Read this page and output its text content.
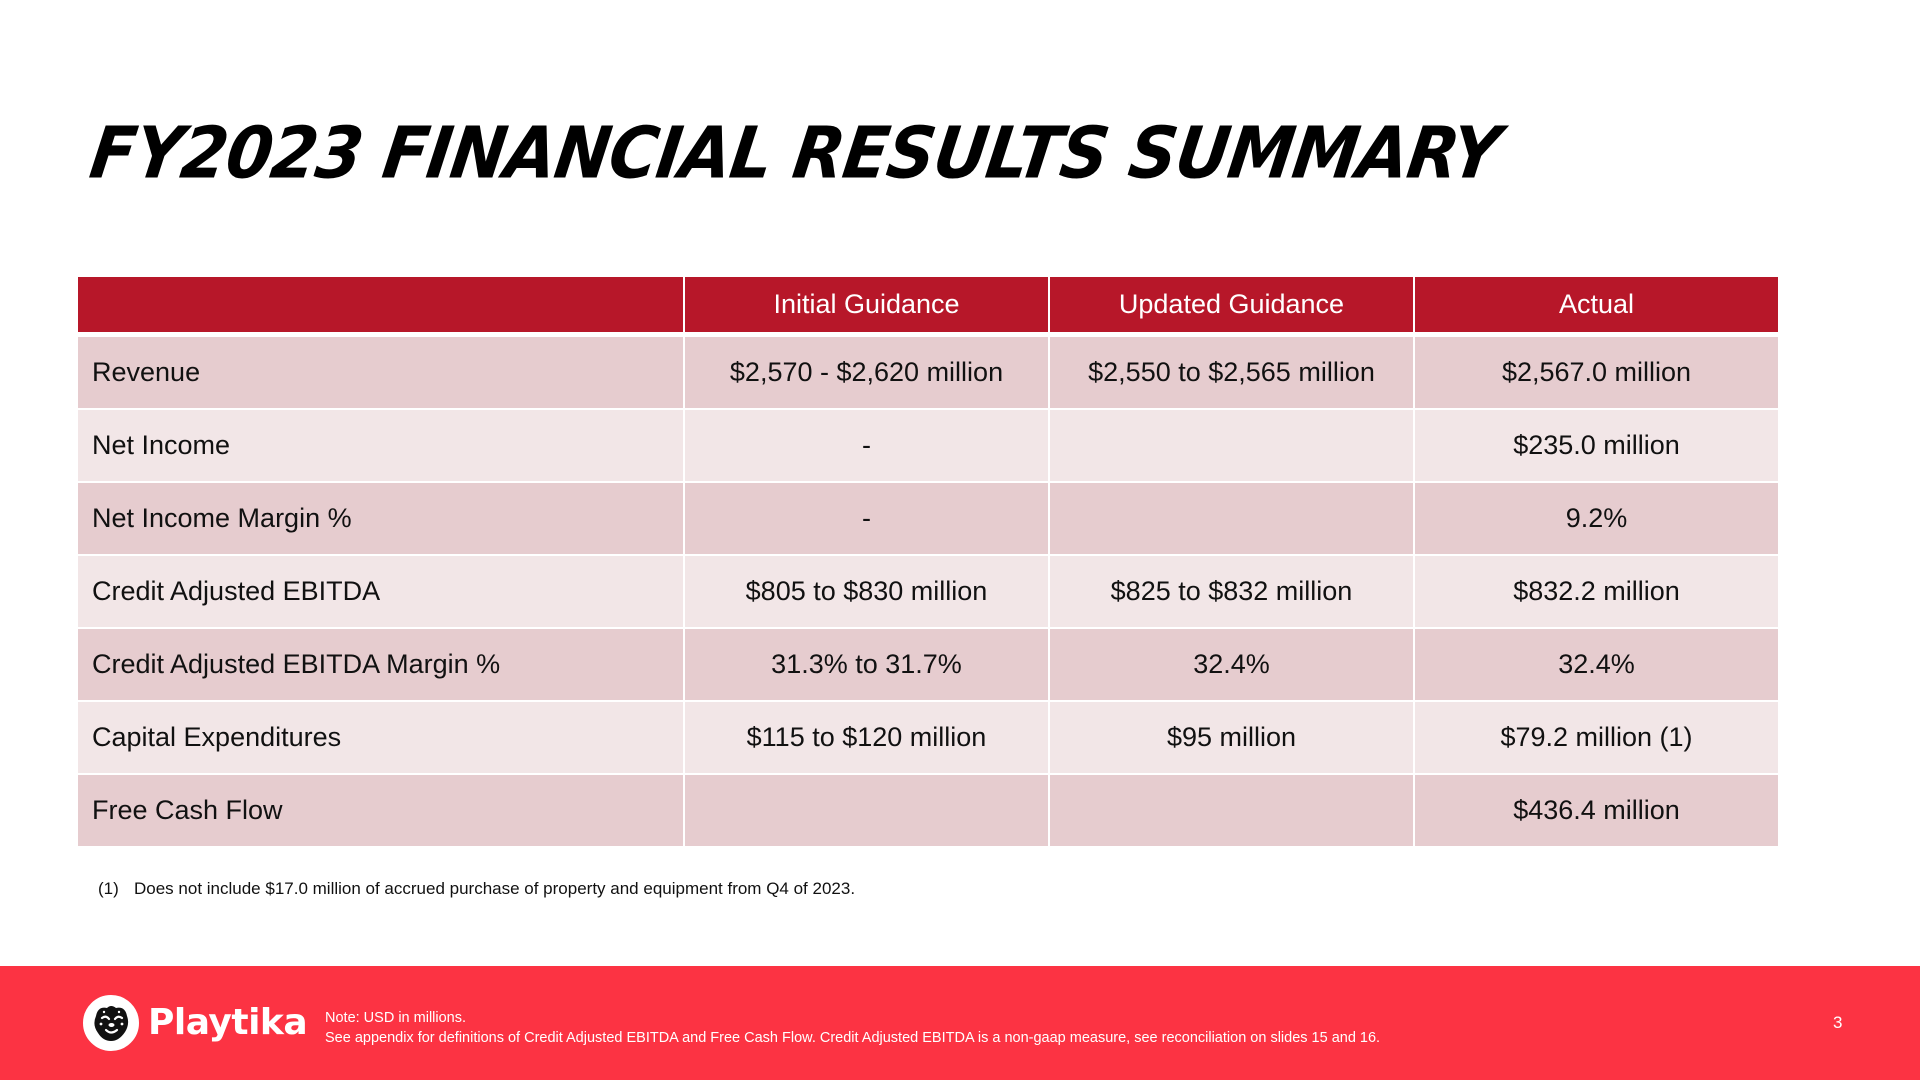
FY2023 FINANCIAL RESULTS SUMMARY
	Initial Guidance	Updated Guidance	Actual
Revenue	$2,570 - $2,620 million	$2,550 to $2,565 million	$2,567.0 million
Net Income	-		$235.0 million
Net Income Margin %	-		9.2%
Credit Adjusted EBITDA	$805 to $830 million	$825 to $832 million	$832.2 million
Credit Adjusted EBITDA Margin %	31.3% to 31.7%	32.4%	32.4%
Capital Expenditures	$115 to $120 million	$95 million	$79.2 million (1)
Free Cash Flow			$436.4 million
(1) Does not include $17.0 million of accrued purchase of property and equipment from Q4 of 2023.
Playtika Note: USD in millions.
See appendix for definitions of Credit Adjusted EBITDA and Free Cash Flow. Credit Adjusted EBITDA is a non-gaap measure, see reconciliation on slides 15 and 16.
3
